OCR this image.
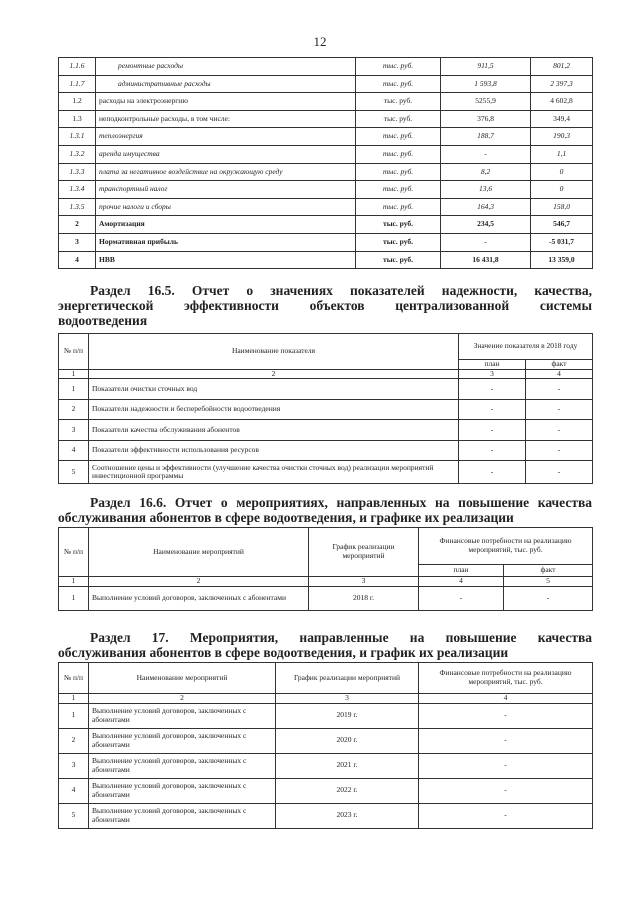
12
1.1.6	ремонтные расходы	тыс. руб.	911,5	801,2
1.1.7	административные расходы	тыс. руб.	1 593,8	2 397,3
1.2	расходы на электроэнергию	тыс. руб.	5255,9	4 602,8
1.3	неподконтрольные расходы, в том числе:	тыс. руб.	376,8	349,4
1.3.1	теплоэнергия	тыс. руб.	188,7	190,3
1.3.2	аренда имущества	тыс. руб.	-	1,1
1.3.3	плата за негативное воздействие на окружающую среду	тыс. руб.	8,2	0
1.3.4	транспортный налог	тыс. руб.	13,6	0
1.3.5	прочие налоги и сборы	тыс. руб.	164,3	158,0
2	Амортизация	тыс. руб.	234,5	546,7
3	Нормативная прибыль	тыс. руб.	-	-5 031,7
4	НВВ	тыс. руб.	16 431,8	13 359,0
Раздел 16.5. Отчет о значениях показателей надежности, качества,
энергетической эффективности объектов централизованной системы
водоотведения
№ п/п	Наименование показателя	Значение показателя в 2018 году	
		план	факт
1	2	3	4
1	Показатели очистки сточных вод	-	-
2	Показатели надежности и бесперебойности водоотведения	-	-
3	Показатели качества обслуживания абонентов	-	-
4	Показатели эффективности использования ресурсов	-	-
5	Соотношение цены и эффективности (улучшение качества очистки сточных вод) реализации мероприятий инвестиционной программы	-	-
Раздел 16.6. Отчет о мероприятиях, направленных на повышение качества
обслуживания абонентов в сфере водоотведения, и графике их реализации
№ п/п	Наименование мероприятий	График реализации мероприятий	Финансовые потребности на реализацию мероприятий, тыс. руб.	
			план	факт
1	2	3	4	5
1	Выполнение условий договоров, заключенных с абонентами	2018 г.	-	-
Раздел 17. Мероприятия, направленные на повышение качества
обслуживания абонентов в сфере водоотведения, и график их реализации
№ п/п	Наименование мероприятий	График реализации мероприятий	Финансовые потребности на реализацию мероприятий, тыс. руб.
1	2	3	4
1	Выполнение условий договоров, заключенных с абонентами	2019 г.	-
2	Выполнение условий договоров, заключенных с абонентами	2020 г.	-
3	Выполнение условий договоров, заключенных с абонентами	2021 г.	-
4	Выполнение условий договоров, заключенных с абонентами	2022 г.	-
5	Выполнение условий договоров, заключенных с абонентами	2023 г.	-
